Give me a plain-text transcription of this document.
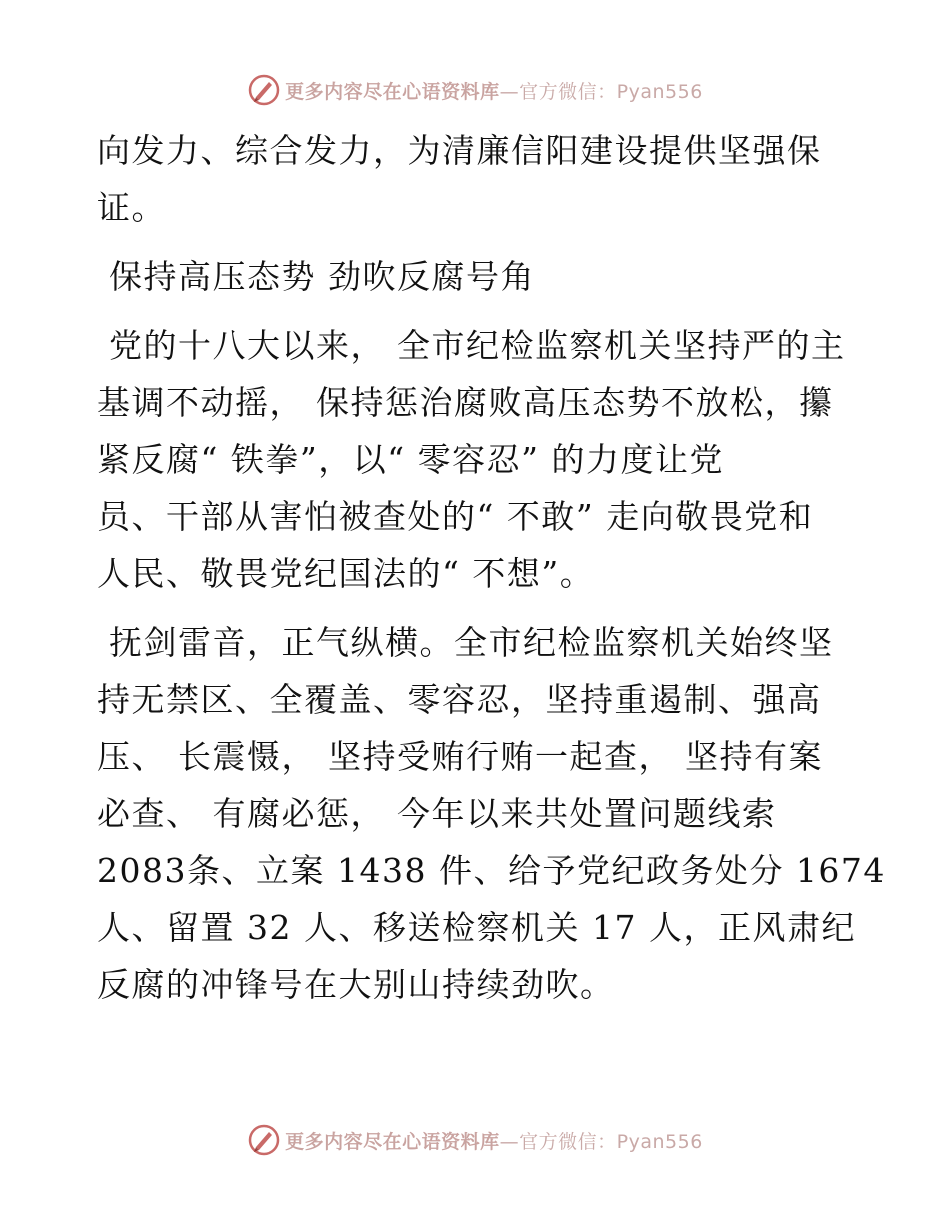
更多内容尽在心语资料库—官方微信：Pyan556

向发力、综合发力，为清廉信阳建设提供坚强保
证。

保持高压态势 劲吹反腐号角

党的十八大以来， 全市纪检监察机关坚持严的主
基调不动摇， 保持惩治腐败高压态势不放松，攥
紧反腐“ 铁拳”，以“ 零容忍” 的力度让党
员、干部从害怕被查处的“ 不敢” 走向敬畏党和
人民、敬畏党纪国法的“ 不想”。

抚剑雷音，正气纵横。全市纪检监察机关始终坚
持无禁区、全覆盖、零容忍，坚持重遏制、强高
压、 长震慑， 坚持受贿行贿一起查， 坚持有案
必查、 有腐必惩， 今年以来共处置问题线索
2083条、立案 1438 件、给予党纪政务处分 1674
人、留置 32 人、移送检察机关 17 人，正风肃纪
反腐的冲锋号在大别山持续劲吹。

更多内容尽在心语资料库—官方微信：Pyan556
